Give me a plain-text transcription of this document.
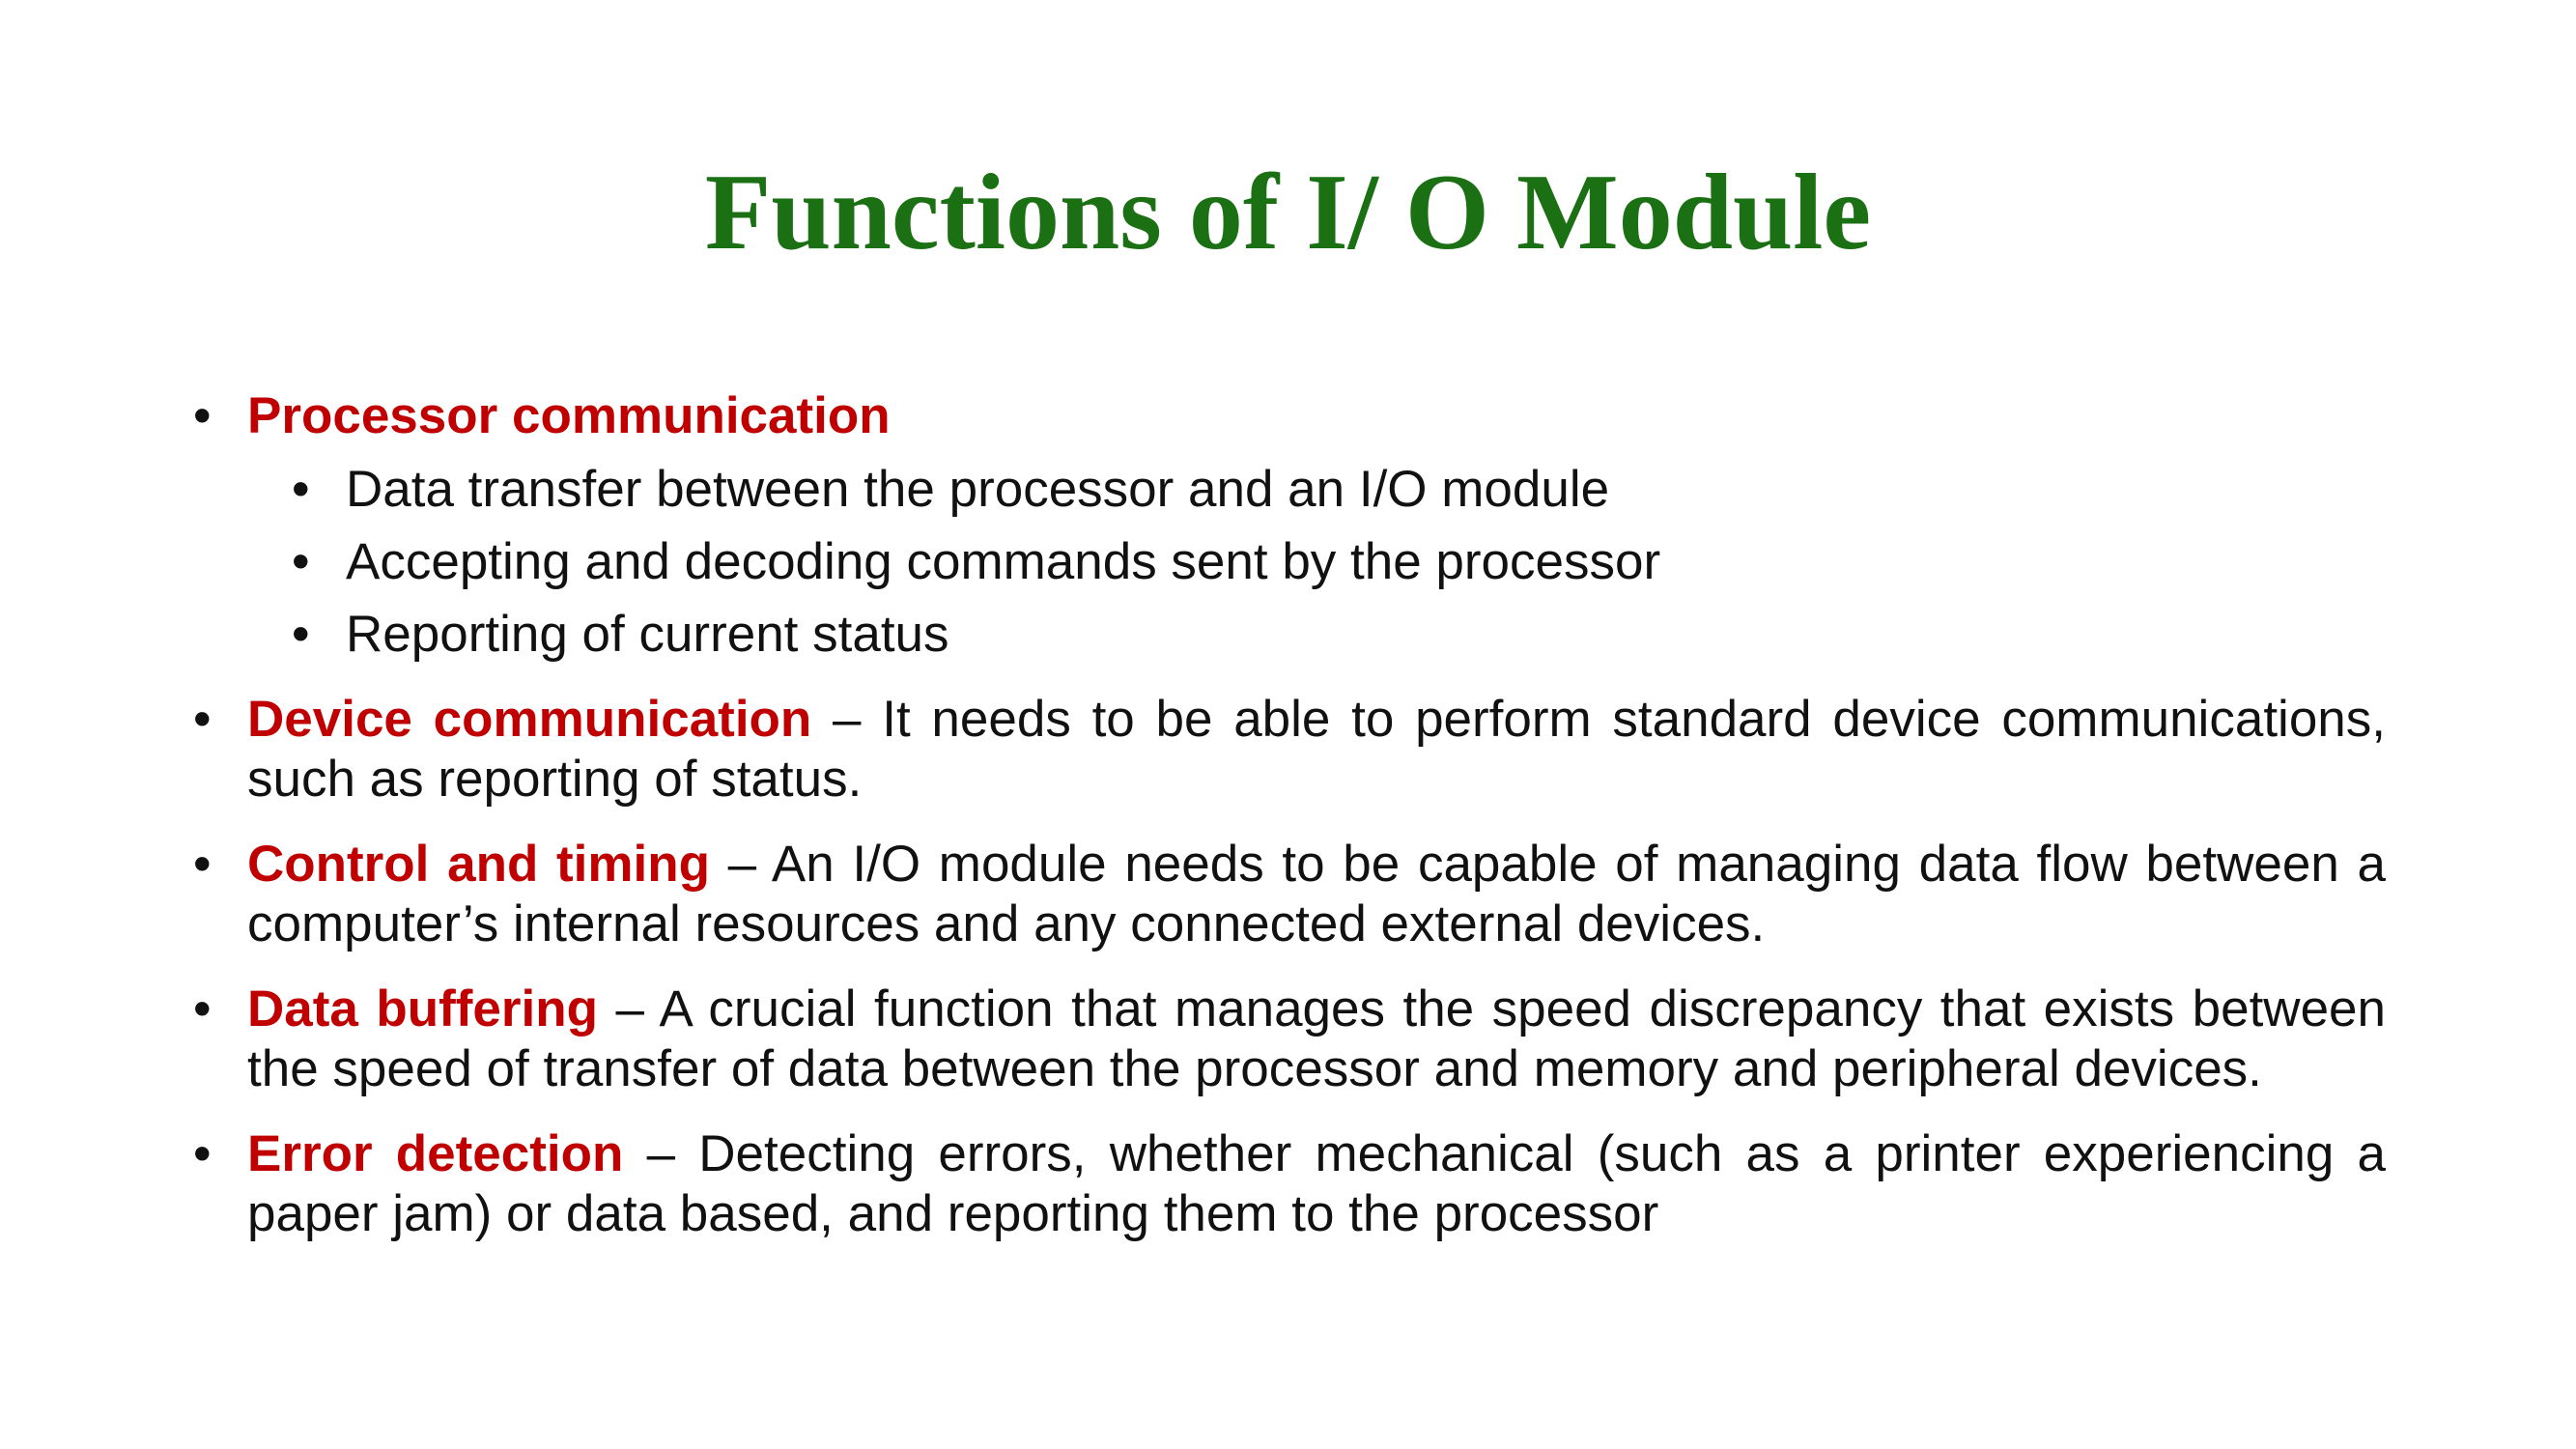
Functions of I/ O Module
• Processor communication
• Data transfer between the processor and an I/O module
• Accepting and decoding commands sent by the processor
• Reporting of current status
• Device communication – It needs to be able to perform standard device communications, such as reporting of status.
• Control and timing – An I/O module needs to be capable of managing data flow between a computer’s internal resources and any connected external devices.
• Data buffering – A crucial function that manages the speed discrepancy that exists between the speed of transfer of data between the processor and memory and peripheral devices.
• Error detection – Detecting errors, whether mechanical (such as a printer experiencing a paper jam) or data based, and reporting them to the processor
